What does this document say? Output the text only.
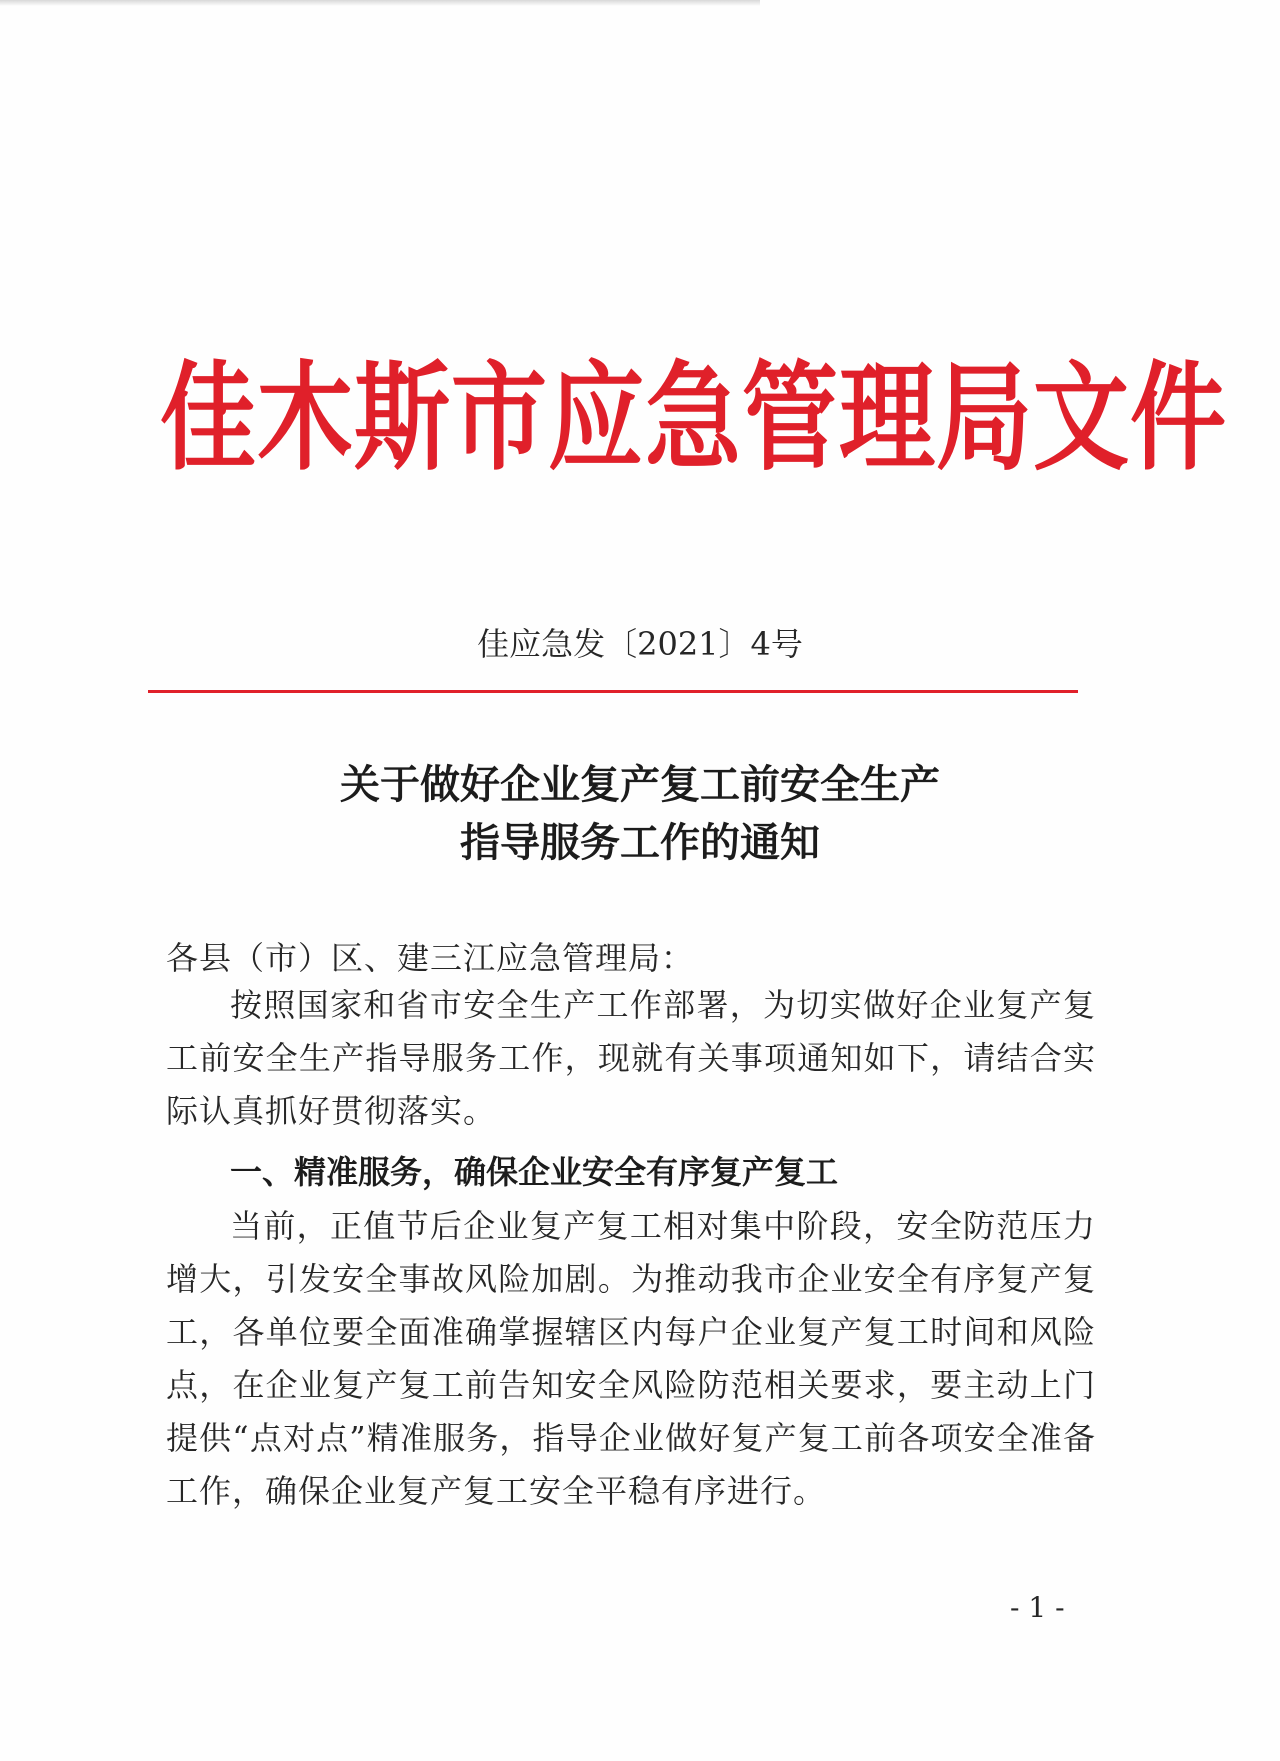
佳木斯市应急管理局文件
佳应急发〔2021〕4号
关于做好企业复产复工前安全生产
指导服务工作的通知
各县（市）区、建三江应急管理局：
按照国家和省市安全生产工作部署，为切实做好企业复产复工前安全生产指导服务工作，现就有关事项通知如下，请结合实际认真抓好贯彻落实。
一、精准服务，确保企业安全有序复产复工
当前，正值节后企业复产复工相对集中阶段，安全防范压力增大，引发安全事故风险加剧。为推动我市企业安全有序复产复工，各单位要全面准确掌握辖区内每户企业复产复工时间和风险点，在企业复产复工前告知安全风险防范相关要求，要主动上门提供“点对点”精准服务，指导企业做好复产复工前各项安全准备工作，确保企业复产复工安全平稳有序进行。
- 1 -
